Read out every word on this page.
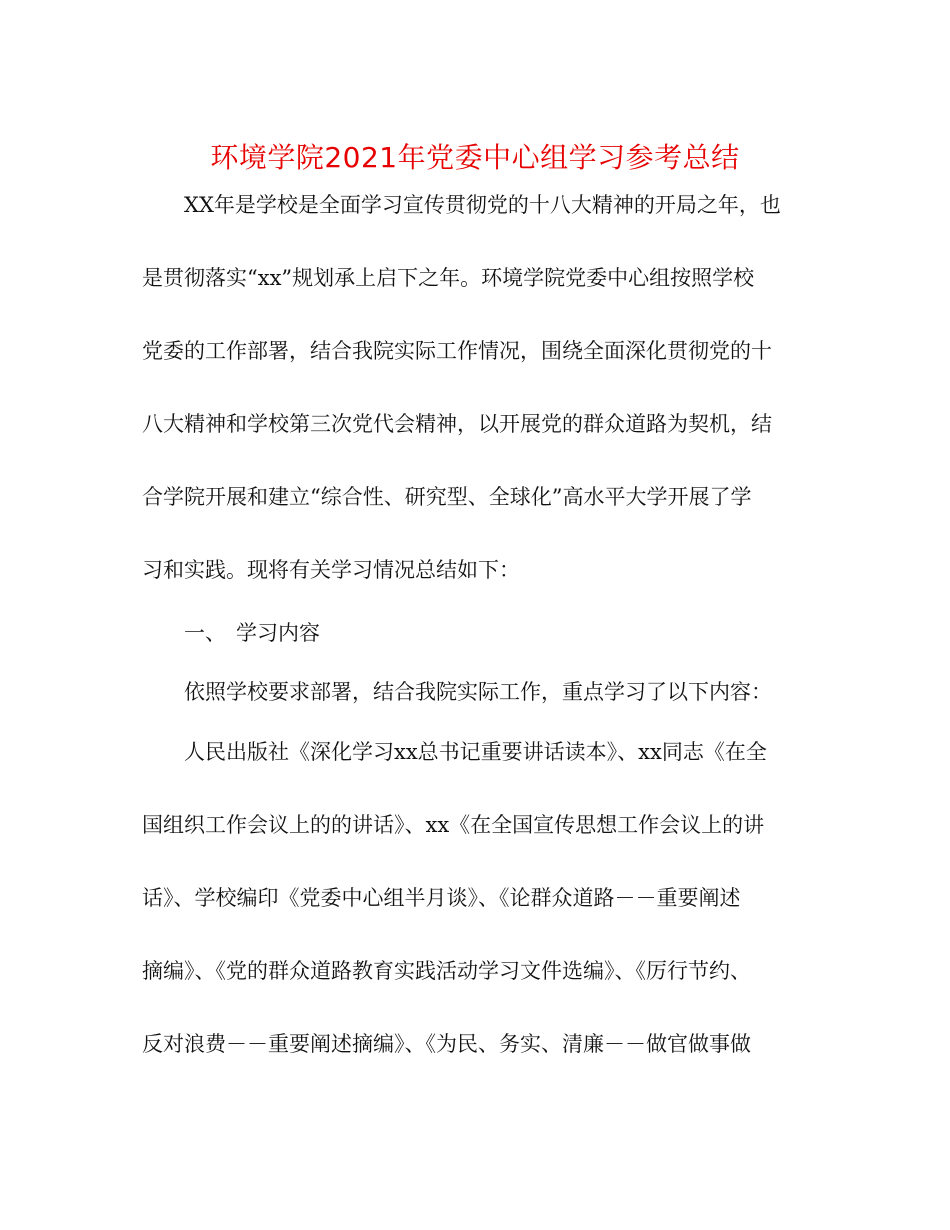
环境学院2021年党委中心组学习参考总结
XX年是学校是全面学习宣传贯彻党的十八大精神的开局之年，也
是贯彻落实“xx”规划承上启下之年。环境学院党委中心组按照学校
党委的工作部署，结合我院实际工作情况，围绕全面深化贯彻党的十
八大精神和学校第三次党代会精神，以开展党的群众道路为契机，结
合学院开展和建立“综合性、研究型、全球化”高水平大学开展了学
习和实践。现将有关学习情况总结如下：
一、 学习内容
依照学校要求部署，结合我院实际工作，重点学习了以下内容：
人民出版社《深化学习xx总书记重要讲话读本》、xx同志《在全
国组织工作会议上的的讲话》、xx《在全国宣传思想工作会议上的讲
话》、学校编印《党委中心组半月谈》、《论群众道路－－重要阐述
摘编》、《党的群众道路教育实践活动学习文件选编》、《厉行节约、
反对浪费－－重要阐述摘编》、《为民、务实、清廉－－做官做事做
